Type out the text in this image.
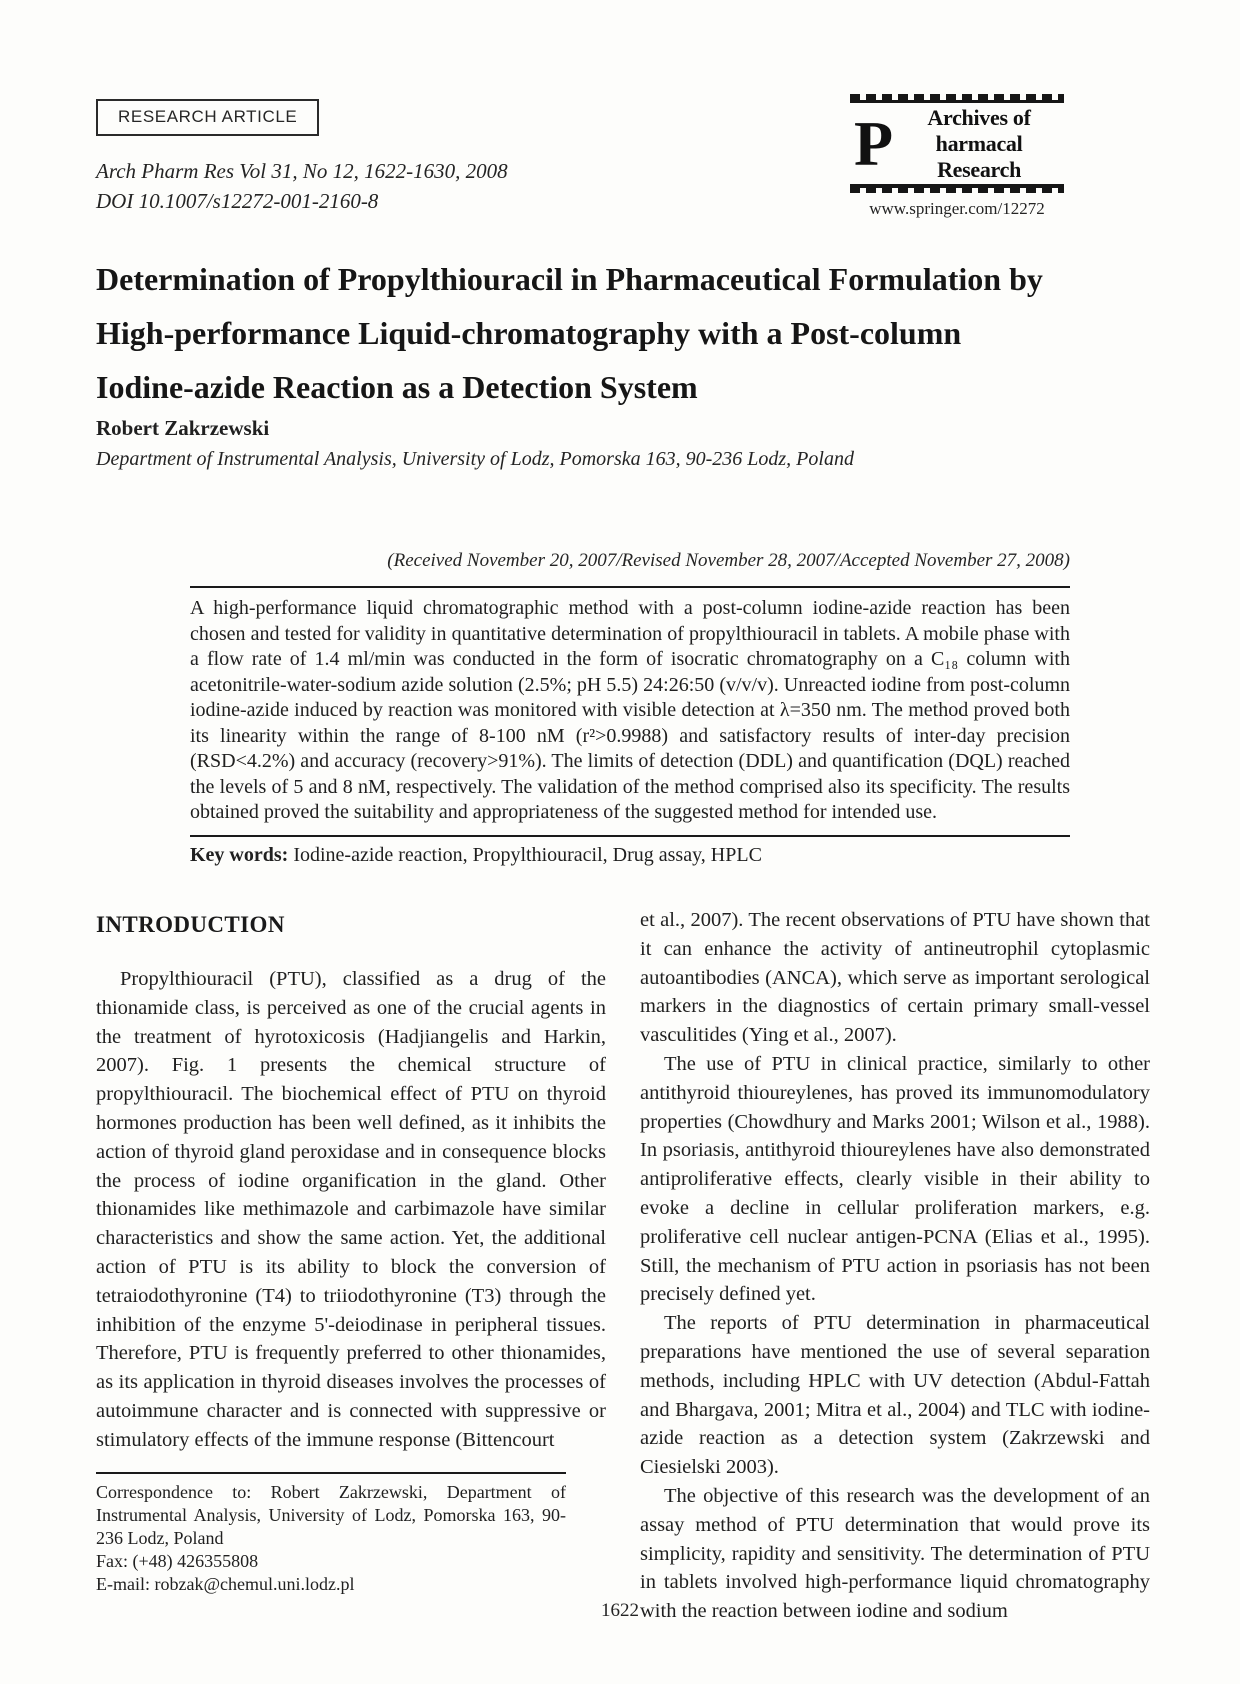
RESEARCH ARTICLE
Arch Pharm Res Vol 31, No 12, 1622-1630, 2008
DOI 10.1007/s12272-001-2160-8
P	Archives of
harmacal Research
www.springer.com/12272
Determination of Propylthiouracil in Pharmaceutical Formulation by
High-performance Liquid-chromatography with a Post-column
Iodine-azide Reaction as a Detection System
Robert Zakrzewski
Department of Instrumental Analysis, University of Lodz, Pomorska 163, 90-236 Lodz, Poland
(Received November 20, 2007/Revised November 28, 2007/Accepted November 27, 2008)
A high-performance liquid chromatographic method with a post-column iodine-azide reaction has been chosen and tested for validity in quantitative determination of propylthiouracil in tablets. A mobile phase with a flow rate of 1.4 ml/min was conducted in the form of isocratic chromatography on a C₁₈ column with acetonitrile-water-sodium azide solution (2.5%; pH 5.5) 24:26:50 (v/v/v). Unreacted iodine from post-column iodine-azide induced by reaction was monitored with visible detection at λ=350 nm. The method proved both its linearity within the range of 8-100 nM (r²>0.9988) and satisfactory results of inter-day precision (RSD<4.2%) and accuracy (recovery>91%). The limits of detection (DDL) and quantification (DQL) reached the levels of 5 and 8 nM, respectively. The validation of the method comprised also its specificity. The results obtained proved the suitability and appropriateness of the suggested method for intended use.
Key words: Iodine-azide reaction, Propylthiouracil, Drug assay, HPLC
INTRODUCTION

Propylthiouracil (PTU), classified as a drug of the thionamide class, is perceived as one of the crucial agents in the treatment of hyrotoxicosis (Hadjiangelis and Harkin, 2007). Fig. 1 presents the chemical structure of propylthiouracil. The biochemical effect of PTU on thyroid hormones production has been well defined, as it inhibits the action of thyroid gland peroxidase and in consequence blocks the process of iodine organification in the gland. Other thionamides like methimazole and carbimazole have similar characteristics and show the same action. Yet, the additional action of PTU is its ability to block the conversion of tetraiodothyronine (T4) to triiodothyronine (T3) through the inhibition of the enzyme 5'-deiodinase in peripheral tissues. Therefore, PTU is frequently preferred to other thionamides, as its application in thyroid diseases involves the processes of autoimmune character and is connected with suppressive or stimulatory effects of the immune response (Bittencourt

et al., 2007). The recent observations of PTU have shown that it can enhance the activity of antineutrophil cytoplasmic autoantibodies (ANCA), which serve as important serological markers in the diagnostics of certain primary small-vessel vasculitides (Ying et al., 2007).

The use of PTU in clinical practice, similarly to other antithyroid thioureylenes, has proved its immunomodulatory properties (Chowdhury and Marks 2001; Wilson et al., 1988). In psoriasis, antithyroid thioureylenes have also demonstrated antiproliferative effects, clearly visible in their ability to evoke a decline in cellular proliferation markers, e.g. proliferative cell nuclear antigen-PCNA (Elias et al., 1995). Still, the mechanism of PTU action in psoriasis has not been precisely defined yet.

The reports of PTU determination in pharmaceutical preparations have mentioned the use of several separation methods, including HPLC with UV detection (Abdul-Fattah and Bhargava, 2001; Mitra et al., 2004) and TLC with iodine-azide reaction as a detection system (Zakrzewski and Ciesielski 2003).

The objective of this research was the development of an assay method of PTU determination that would prove its simplicity, rapidity and sensitivity. The determination of PTU in tablets involved high-performance liquid chromatography with the reaction between iodine and sodium

Correspondence to: Robert Zakrzewski, Department of Instrumental Analysis, University of Lodz, Pomorska 163, 90-236 Lodz, Poland

Fax: (+48) 426355808
E-mail: robzak@chemul.uni.lodz.pl
1622
